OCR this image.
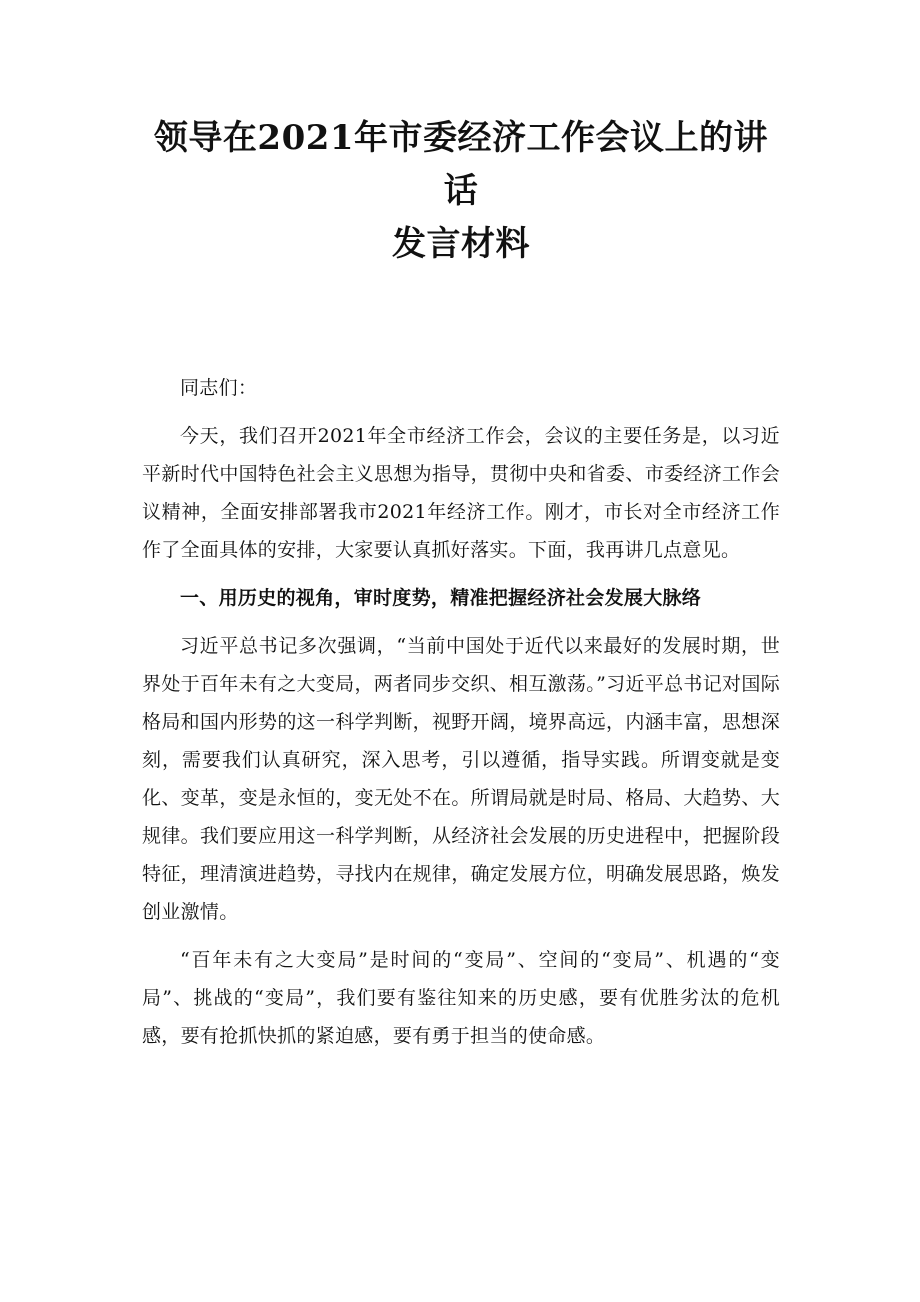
领导在2021年市委经济工作会议上的讲话
发言材料

同志们：

今天，我们召开2021年全市经济工作会，会议的主要任务是，以习近平新时代中国特色社会主义思想为指导，贯彻中央和省委、市委经济工作会议精神，全面安排部署我市2021年经济工作。刚才，市长对全市经济工作作了全面具体的安排，大家要认真抓好落实。下面，我再讲几点意见。

一、用历史的视角，审时度势，精准把握经济社会发展大脉络

习近平总书记多次强调，“当前中国处于近代以来最好的发展时期，世界处于百年未有之大变局，两者同步交织、相互激荡。”习近平总书记对国际格局和国内形势的这一科学判断，视野开阔，境界高远，内涵丰富，思想深刻，需要我们认真研究，深入思考，引以遵循，指导实践。所谓变就是变化、变革，变是永恒的，变无处不在。所谓局就是时局、格局、大趋势、大规律。我们要应用这一科学判断，从经济社会发展的历史进程中，把握阶段特征，理清演进趋势，寻找内在规律，确定发展方位，明确发展思路，焕发创业激情。

“百年未有之大变局”是时间的“变局”、空间的“变局”、机遇的“变局”、挑战的“变局”，我们要有鉴往知来的历史感，要有优胜劣汰的危机感，要有抢抓快抓的紧迫感，要有勇于担当的使命感。
